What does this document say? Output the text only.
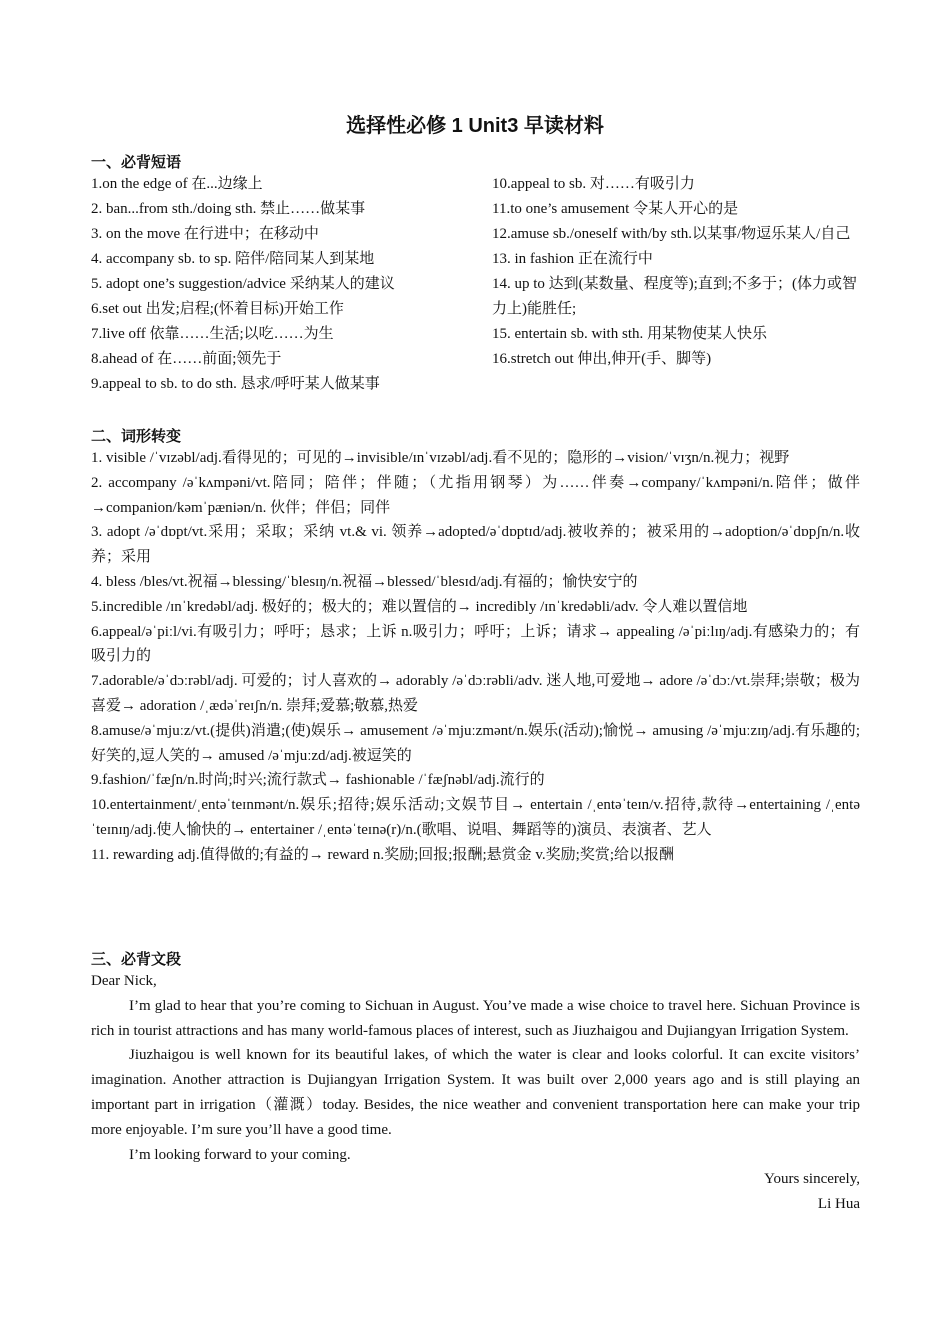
选择性必修 1 Unit3 早读材料
一、必背短语
1.on the edge of 在...边缘上
2. ban...from sth./doing sth. 禁止……做某事
3. on the move 在行进中；在移动中
4. accompany sb. to sp. 陪伴/陪同某人到某地
5. adopt one’s suggestion/advice 采纳某人的建议
6.set out 出发;启程;(怀着目标)开始工作
7.live off 依靠……生活;以吃……为生
8.ahead of 在……前面;领先于
9.appeal to sb. to do sth. 恳求/呼吁某人做某事
10.appeal to sb. 对……有吸引力
11.to one’s amusement 令某人开心的是
12.amuse sb./oneself with/by sth.以某事/物逗乐某人/自己
13. in fashion 正在流行中
14. up to 达到(某数量、程度等);直到;不多于；(体力或智力上)能胜任;
15. entertain sb. with sth. 用某物使某人快乐
16.stretch out 伸出,伸开(手、脚等)
二、词形转变

1. visible /ˈvɪzəbl/adj.看得见的；可见的→invisible/ɪnˈvɪzəbl/adj.看不见的；隐形的→vision/ˈvɪʒn/n.视力；视野

2. accompany /əˈkʌmpəni/vt.陪同；陪伴；伴随；（尤指用钢琴）为……伴奏→company/ˈkʌmpəni/n.陪伴；做伴→companion/kəmˈpæniən/n. 伙伴；伴侣；同伴

3. adopt /əˈdɒpt/vt.采用；采取；采纳 vt.& vi. 领养→adopted/əˈdɒptɪd/adj.被收养的；被采用的→adoption/əˈdɒpʃn/n.收养；采用

4. bless /bles/vt.祝福→blessing/ˈblesɪŋ/n.祝福→blessed/ˈblesɪd/adj.有福的；愉快安宁的

5.incredible /ɪnˈkredəbl/adj. 极好的；极大的；难以置信的→ incredibly /ɪnˈkredəbli/adv. 令人难以置信地

6.appeal/əˈpiːl/vi.有吸引力；呼吁；恳求；上诉 n.吸引力；呼吁；上诉；请求→ appealing /əˈpiːlɪŋ/adj.有感染力的；有吸引力的

7.adorable/əˈdɔːrəbl/adj. 可爱的；讨人喜欢的→ adorably /əˈdɔːrəbli/adv. 迷人地,可爱地→ adore /əˈdɔː/vt.崇拜;崇敬；极为喜爱→ adoration /ˌædəˈreɪʃn/n. 崇拜;爱慕;敬慕,热爱

8.amuse/əˈmjuːz/vt.(提供)消遣;(使)娱乐→ amusement /əˈmjuːzmənt/n.娱乐(活动);愉悦→ amusing /əˈmjuːzɪŋ/adj.有乐趣的;好笑的,逗人笑的→ amused /əˈmjuːzd/adj.被逗笑的

9.fashion/ˈfæʃn/n.时尚;时兴;流行款式→ fashionable /ˈfæʃnəbl/adj.流行的

10.entertainment/ˌentəˈteɪnmənt/n.娱乐;招待;娱乐活动;文娱节目→ entertain /ˌentəˈteɪn/v.招待,款待→entertaining /ˌentəˈteɪnɪŋ/adj.使人愉快的→ entertainer /ˌentəˈteɪnə(r)/n.(歌唱、说唱、舞蹈等的)演员、表演者、艺人

11. rewarding adj.值得做的;有益的→ reward n.奖励;回报;报酬;悬赏金 v.奖励;奖赏;给以报酬

三、必背文段

Dear Nick,

I’m glad to hear that you’re coming to Sichuan in August. You’ve made a wise choice to travel here. Sichuan Province is rich in tourist attractions and has many world-famous places of interest, such as Jiuzhaigou and Dujiangyan Irrigation System.

Jiuzhaigou is well known for its beautiful lakes, of which the water is clear and looks colorful. It can excite visitors’ imagination. Another attraction is Dujiangyan Irrigation System. It was built over 2,000 years ago and is still playing an important part in irrigation（灌溉）today. Besides, the nice weather and convenient transportation here can make your trip more enjoyable. I’m sure you’ll have a good time.

I’m looking forward to your coming.

Yours sincerely,

Li Hua
